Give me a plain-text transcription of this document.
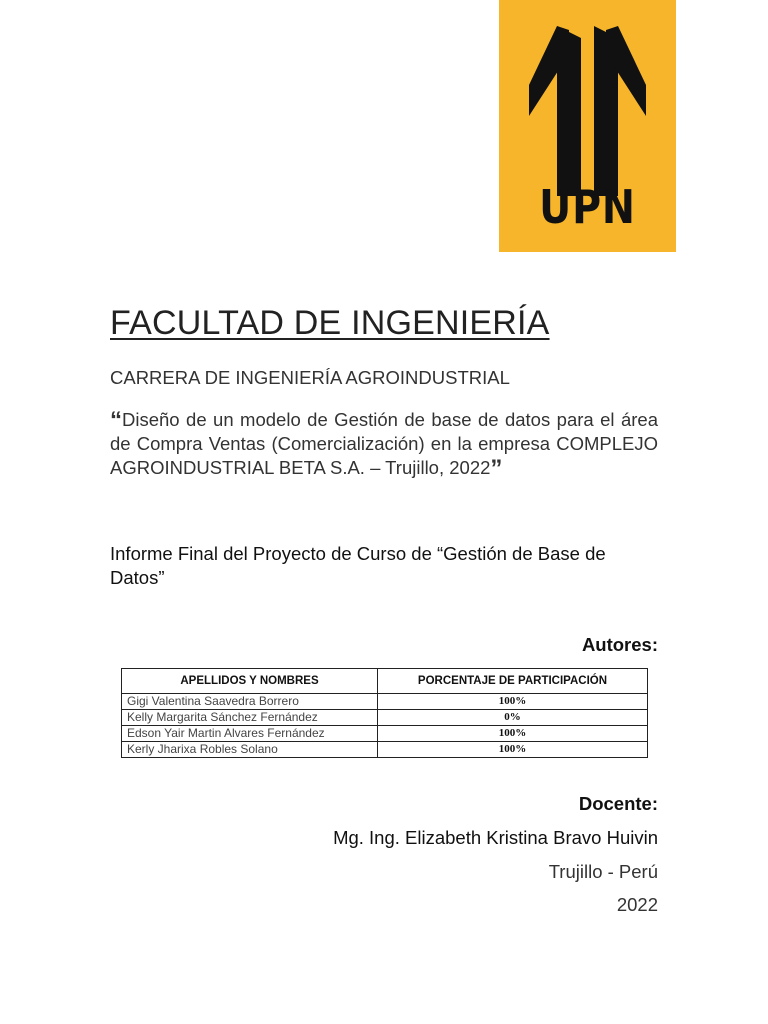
UPN
FACULTAD DE INGENIERÍA
CARRERA DE INGENIERÍA AGROINDUSTRIAL
“Diseño de un modelo de Gestión de base de datos para el área de Compra Ventas (Comercialización) en la empresa COMPLEJO AGROINDUSTRIAL BETA S.A. – Trujillo, 2022”
Informe Final del Proyecto de Curso de “Gestión de Base de Datos”
Autores:
APELLIDOS Y NOMBRES	PORCENTAJE DE PARTICIPACIÓN
Gigi Valentina Saavedra Borrero	100%
Kelly Margarita Sánchez Fernández	0%
Edson Yair Martin Alvares Fernández	100%
Kerly Jharixa Robles Solano	100%
Docente:
Mg. Ing. Elizabeth Kristina Bravo Huivin
Trujillo - Perú
2022
